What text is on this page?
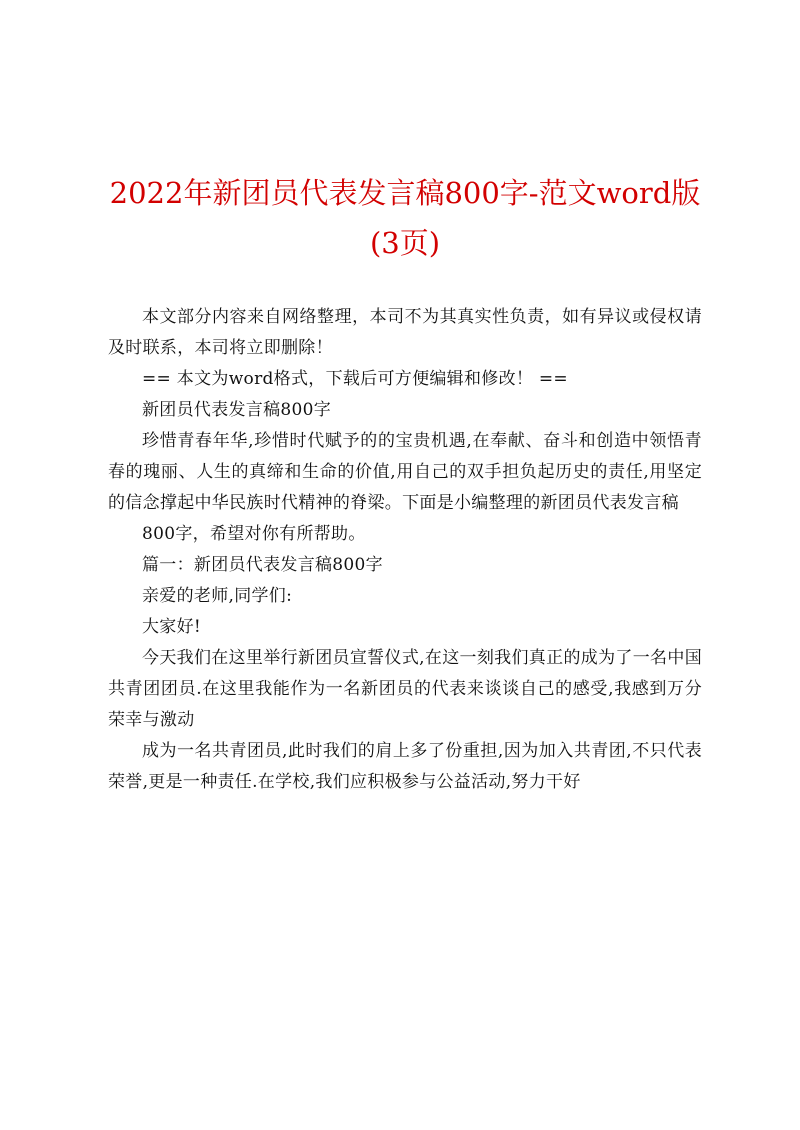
2022年新团员代表发言稿800字-范文word版
(3页)

本文部分内容来自网络整理，本司不为其真实性负责，如有异议或侵权请及时联系，本司将立即删除！

== 本文为word格式，下载后可方便编辑和修改！ ==

新团员代表发言稿800字

珍惜青春年华,珍惜时代赋予的的宝贵机遇,在奉献、奋斗和创造中领悟青春的瑰丽、人生的真缔和生命的价值,用自己的双手担负起历史的责任,用坚定的信念撑起中华民族时代精神的脊梁。下面是小编整理的新团员代表发言稿

800字，希望对你有所帮助。

篇一：新团员代表发言稿800字

亲爱的老师,同学们:

大家好!

今天我们在这里举行新团员宣誓仪式,在这一刻我们真正的成为了一名中国共青团团员.在这里我能作为一名新团员的代表来谈谈自己的感受,我感到万分荣幸与激动

成为一名共青团员,此时我们的肩上多了份重担,因为加入共青团,不只代表荣誉,更是一种责任.在学校,我们应积极参与公益活动,努力干好
